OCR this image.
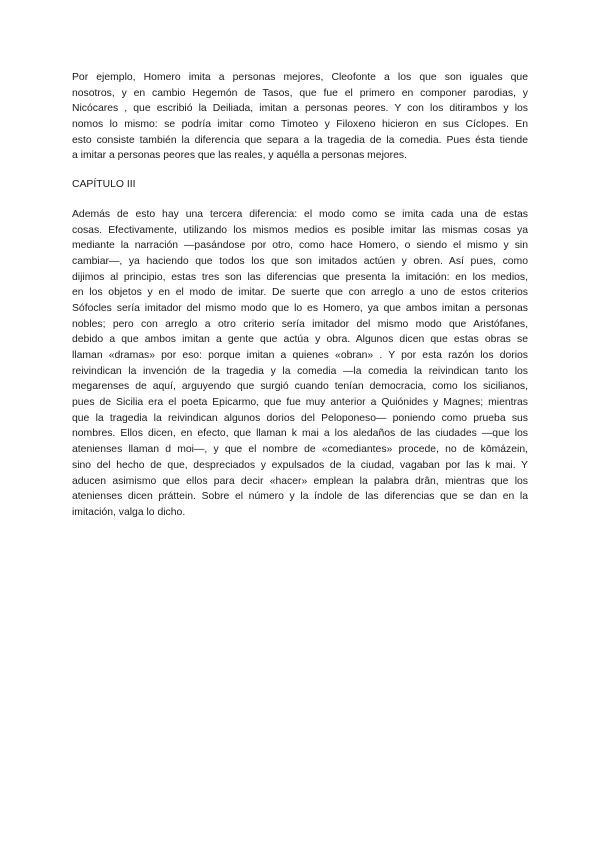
Por ejemplo, Homero imita a personas mejores, Cleofonte a los que son iguales que
nosotros, y en cambio Hegemón de Tasos, que fue el primero en componer parodias, y
Nicócares , que escribió la Deiliada, imitan a personas peores. Y con los ditirambos y los
nomos lo mismo: se podría imitar como Timoteo y Filoxeno hicieron en sus Cíclopes. En
esto consiste también la diferencia que separa a la tragedia de la comedia. Pues ésta tiende
a imitar a personas peores que las reales, y aquélla a personas mejores.
CAPÍTULO III
Además de esto hay una tercera diferencia: el modo como se imita cada una de estas
cosas. Efectivamente, utilizando los mismos medios es posible imitar las mismas cosas ya
mediante la narración —pasándose por otro, como hace Homero, o siendo el mismo y sin
cambiar—, ya haciendo que todos los que son imitados actúen y obren. Así pues, como
dijimos al principio, estas tres son las diferencias que presenta la imitación: en los medios,
en los objetos y en el modo de imitar. De suerte que con arreglo a uno de estos criterios
Sófocles sería imitador del mismo modo que lo es Homero, ya que ambos imitan a personas
nobles; pero con arreglo a otro criterio sería imitador del mismo modo que Aristófanes,
debido a que ambos imitan a gente que actúa y obra. Algunos dicen que estas obras se
llaman «dramas» por eso: porque imitan a quienes «obran» . Y por esta razón los dorios
reivindican la invención de la tragedia y la comedia —la comedia la reivindican tanto los
megarenses de aquí, arguyendo que surgió cuando tenían democracia, como los sicilianos,
pues de Sicilia era el poeta Epicarmo, que fue muy anterior a Quiónides y Magnes; mientras
que la tragedia la reivindican algunos dorios del Peloponeso— poniendo como prueba sus
nombres. Ellos dicen, en efecto, que llaman k mai a los aledaños de las ciudades —que los
atenienses llaman d moi—, y que el nombre de «comediantes» procede, no de kōmázein,
sino del hecho de que, despreciados y expulsados de la ciudad, vagaban por las k mai. Y
aducen asimismo que ellos para decir «hacer» emplean la palabra drân, mientras que los
atenienses dicen práttein. Sobre el número y la índole de las diferencias que se dan en la
imitación, valga lo dicho.
